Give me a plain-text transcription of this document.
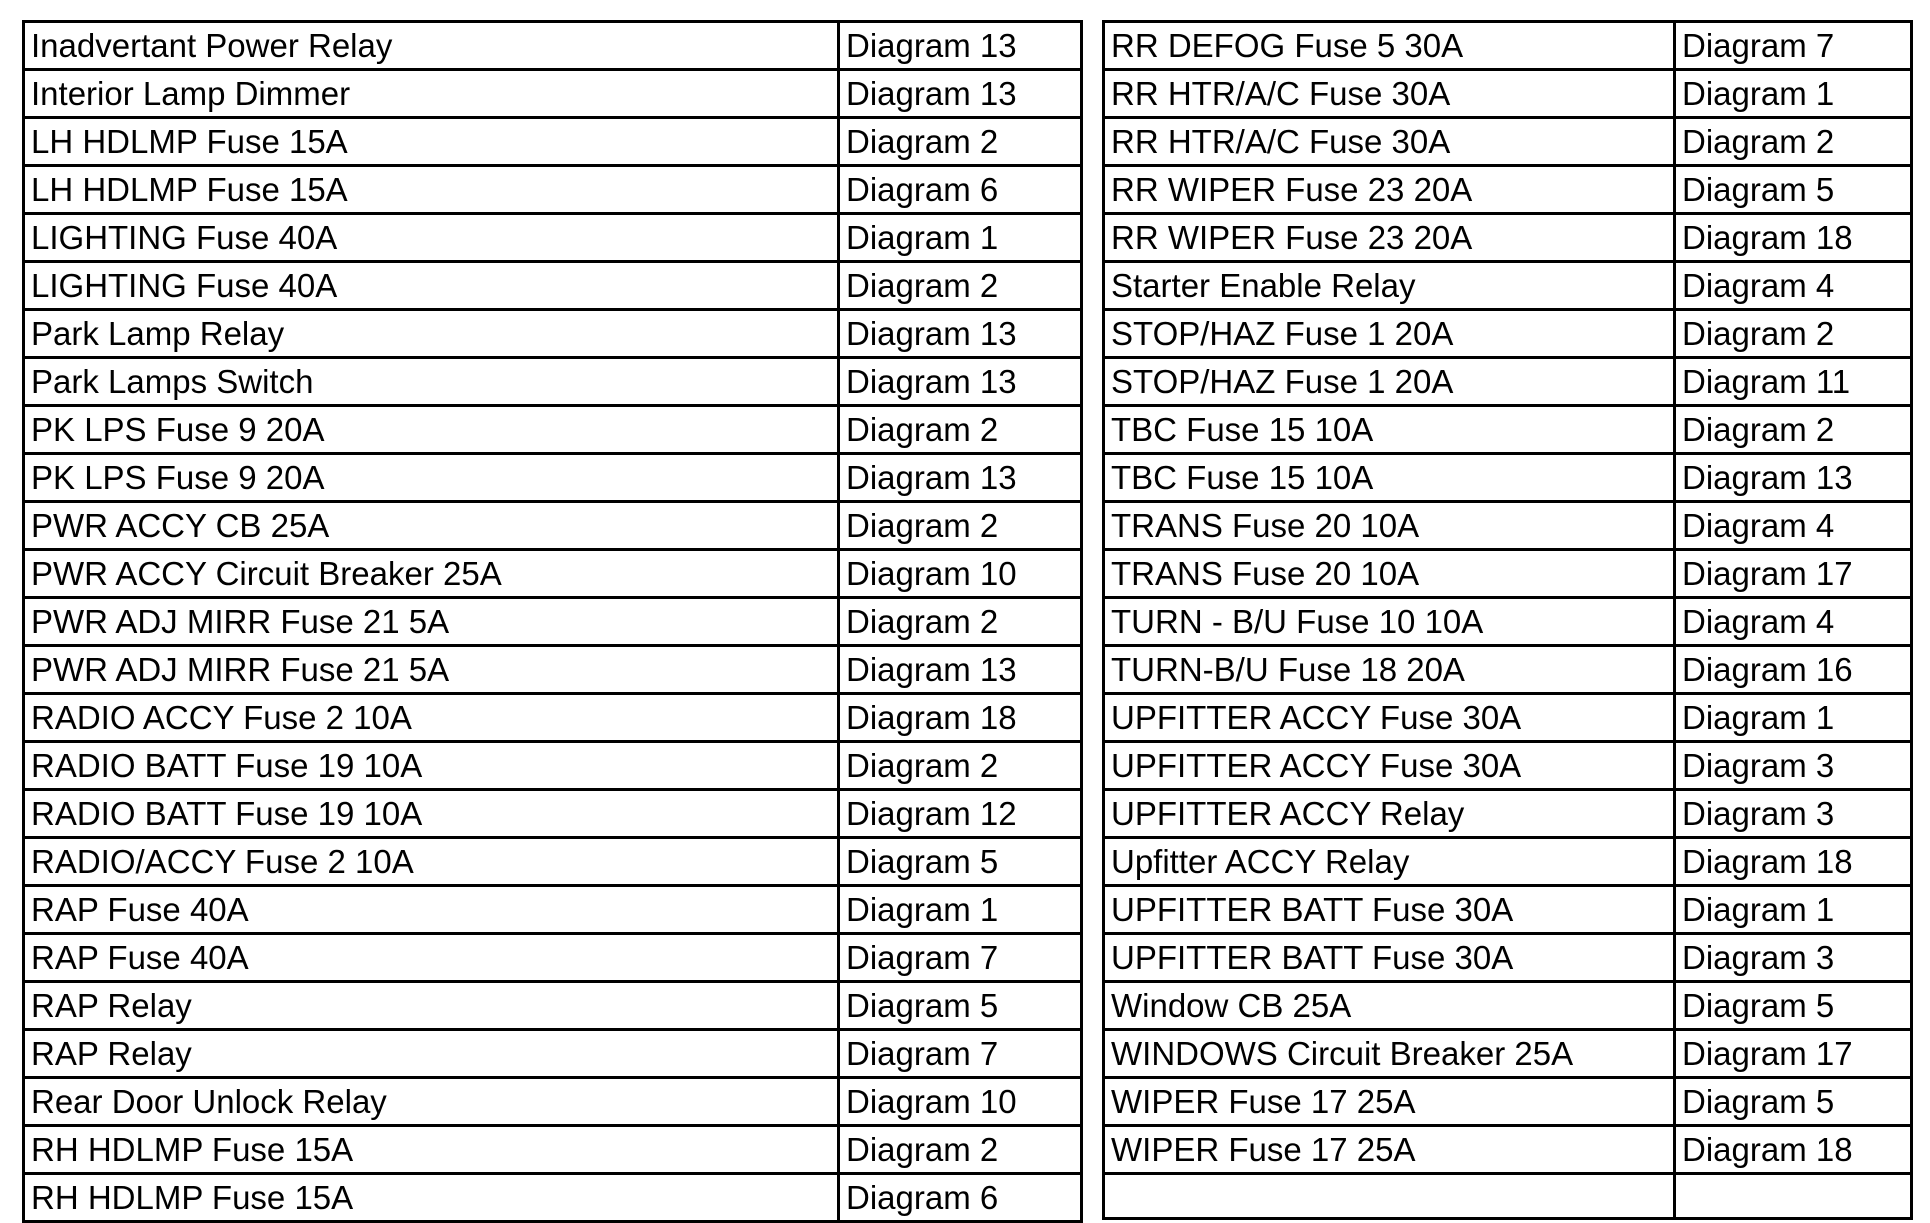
Inadvertant Power Relay	Diagram 13
Interior Lamp Dimmer	Diagram 13
LH HDLMP Fuse 15A	Diagram 2
LH HDLMP Fuse 15A	Diagram 6
LIGHTING Fuse 40A	Diagram 1
LIGHTING Fuse 40A	Diagram 2
Park Lamp Relay	Diagram 13
Park Lamps Switch	Diagram 13
PK LPS Fuse 9 20A	Diagram 2
PK LPS Fuse 9 20A	Diagram 13
PWR ACCY CB 25A	Diagram 2
PWR ACCY Circuit Breaker 25A	Diagram 10
PWR ADJ MIRR Fuse 21 5A	Diagram 2
PWR ADJ MIRR Fuse 21 5A	Diagram 13
RADIO ACCY Fuse 2 10A	Diagram 18
RADIO BATT Fuse 19 10A	Diagram 2
RADIO BATT Fuse 19 10A	Diagram 12
RADIO/ACCY Fuse 2 10A	Diagram 5
RAP Fuse 40A	Diagram 1
RAP Fuse 40A	Diagram 7
RAP Relay	Diagram 5
RAP Relay	Diagram 7
Rear Door Unlock Relay	Diagram 10
RH HDLMP Fuse 15A	Diagram 2
RH HDLMP Fuse 15A	Diagram 6
RR DEFOG Fuse 5 30A	Diagram 7
RR HTR/A/C Fuse 30A	Diagram 1
RR HTR/A/C Fuse 30A	Diagram 2
RR WIPER Fuse 23 20A	Diagram 5
RR WIPER Fuse 23 20A	Diagram 18
Starter Enable Relay	Diagram 4
STOP/HAZ Fuse 1 20A	Diagram 2
STOP/HAZ Fuse 1 20A	Diagram 11
TBC Fuse 15 10A	Diagram 2
TBC Fuse 15 10A	Diagram 13
TRANS Fuse 20 10A	Diagram 4
TRANS Fuse 20 10A	Diagram 17
TURN - B/U Fuse 10 10A	Diagram 4
TURN-B/U Fuse 18 20A	Diagram 16
UPFITTER ACCY Fuse 30A	Diagram 1
UPFITTER ACCY Fuse 30A	Diagram 3
UPFITTER ACCY Relay	Diagram 3
Upfitter ACCY Relay	Diagram 18
UPFITTER BATT Fuse 30A	Diagram 1
UPFITTER BATT Fuse 30A	Diagram 3
Window CB 25A	Diagram 5
WINDOWS Circuit Breaker 25A	Diagram 17
WIPER Fuse 17 25A	Diagram 5
WIPER Fuse 17 25A	Diagram 18
